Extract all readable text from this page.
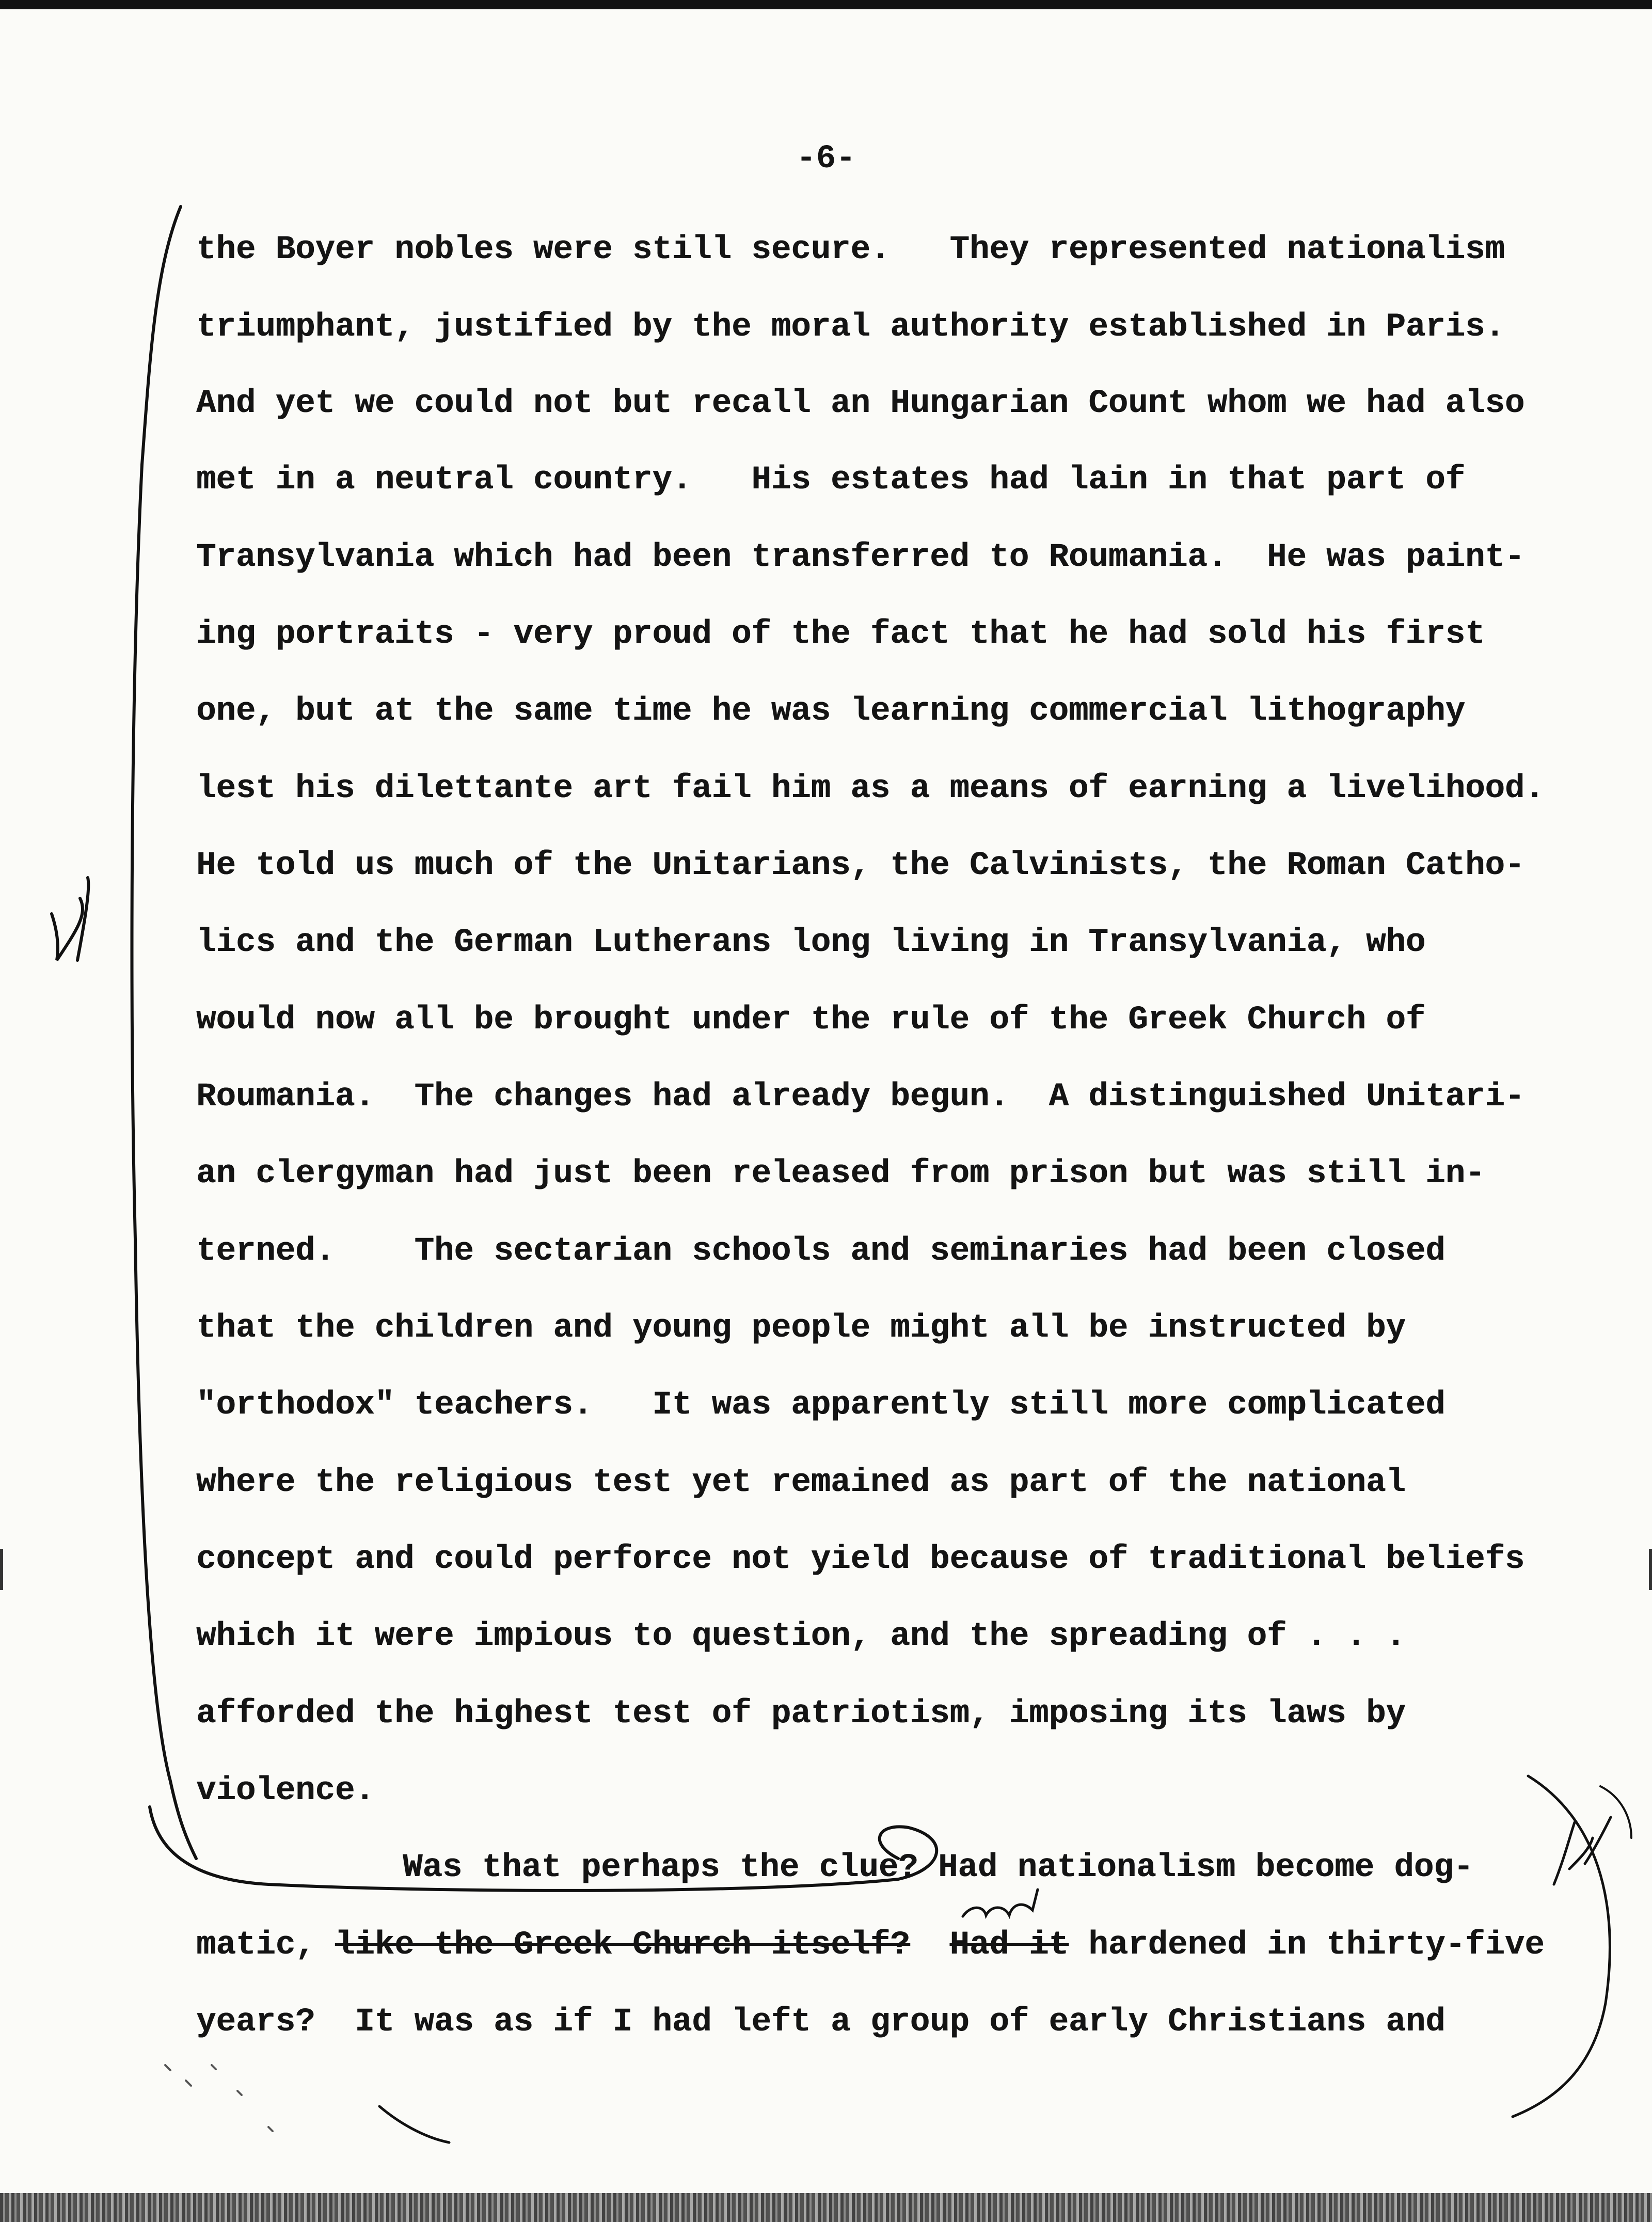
-6-
the Boyer nobles were still secure.   They represented nationalism
triumphant, justified by the moral authority established in Paris.
And yet we could not but recall an Hungarian Count whom we had also
met in a neutral country.   His estates had lain in that part of
Transylvania which had been transferred to Roumania.  He was paint-
ing portraits - very proud of the fact that he had sold his first
one, but at the same time he was learning commercial lithography
lest his dilettante art fail him as a means of earning a livelihood.
He told us much of the Unitarians, the Calvinists, the Roman Catho-
lics and the German Lutherans long living in Transylvania, who
would now all be brought under the rule of the Greek Church of
Roumania.  The changes had already begun.  A distinguished Unitari-
an clergyman had just been released from prison but was still in-
terned.    The sectarian schools and seminaries had been closed
that the children and young people might all be instructed by
"orthodox" teachers.   It was apparently still more complicated
where the religious test yet remained as part of the national
concept and could perforce not yield because of traditional beliefs
which it were impious to question, and the spreading of . . .
afforded the highest test of patriotism, imposing its laws by
violence.
Was that perhaps the clue? Had nationalism become dog-
matic, like the Greek Church itself? Had it hardened in thirty-five
years?  It was as if I had left a group of early Christians and
